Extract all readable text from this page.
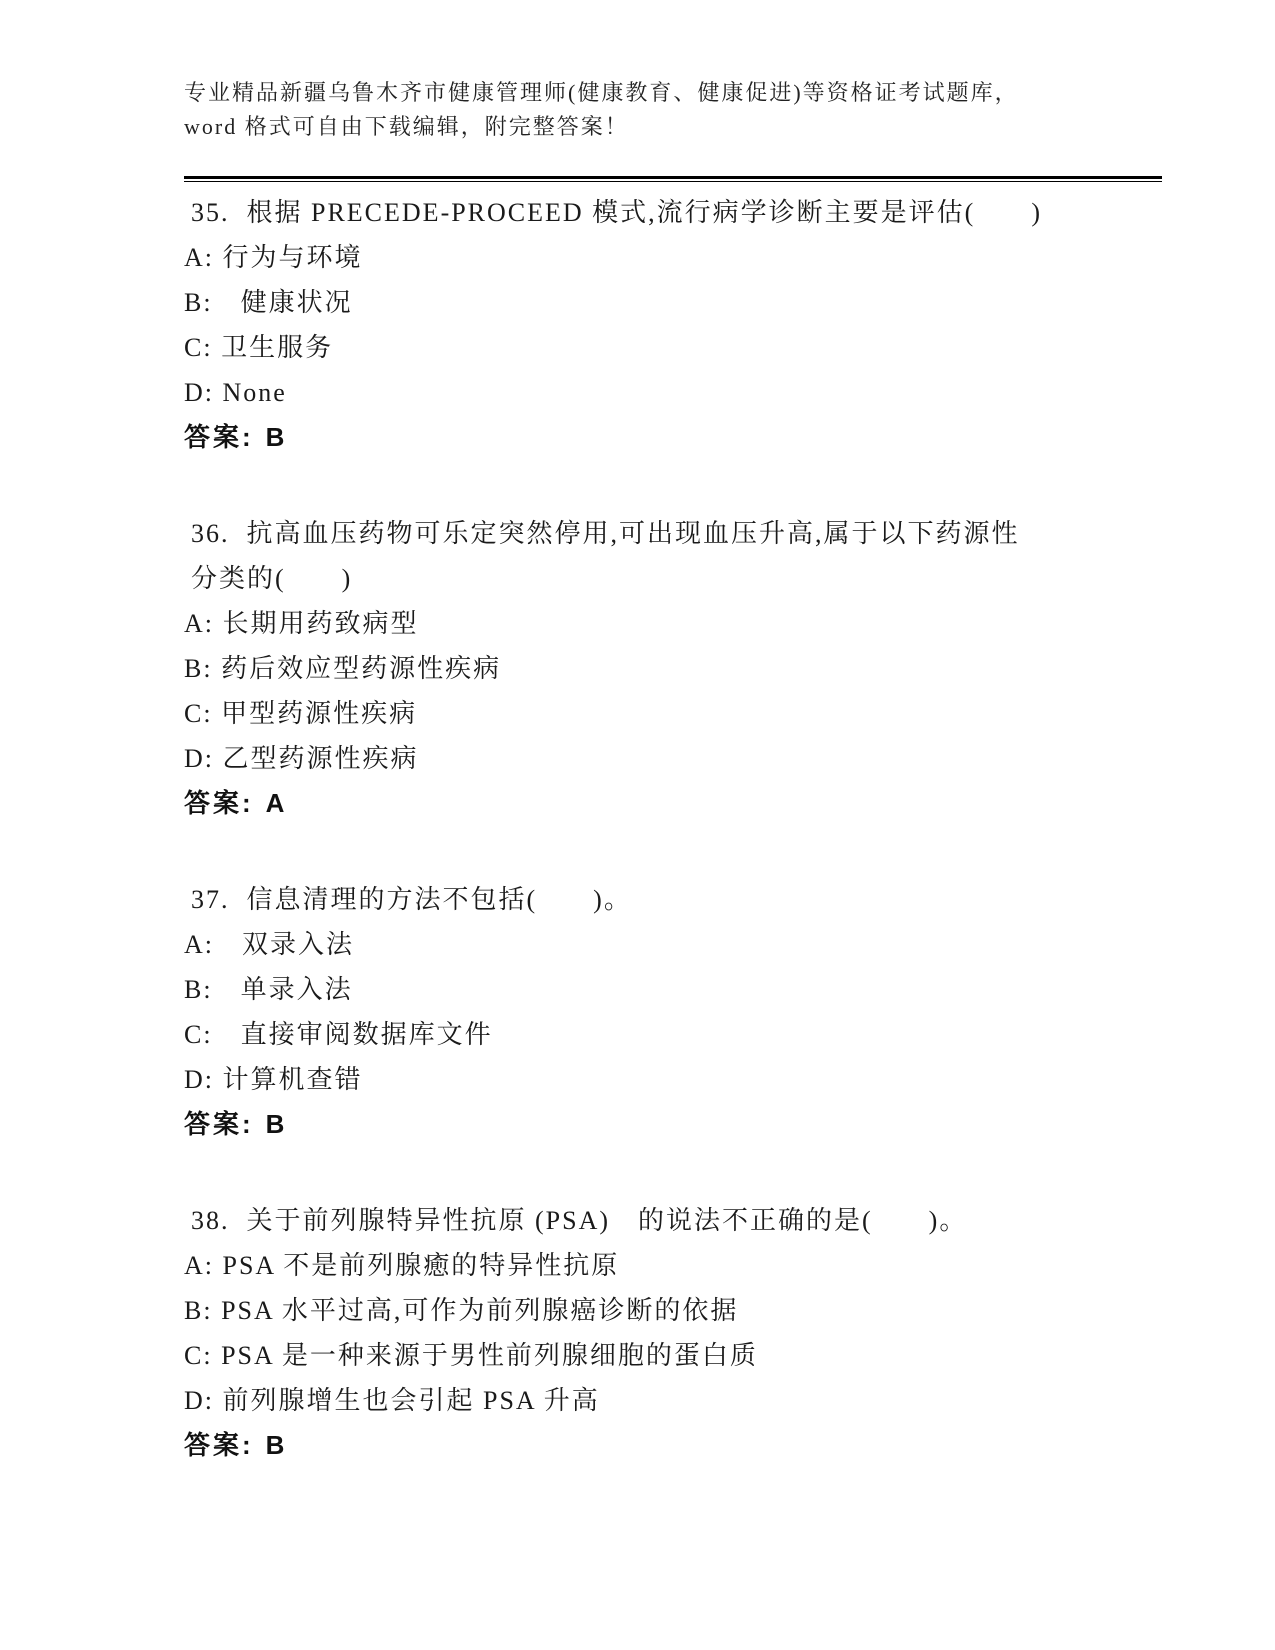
专业精品新疆乌鲁木齐市健康管理师(健康教育、健康促进)等资格证考试题库，
word 格式可自由下载编辑，附完整答案！
35.  根据 PRECEDE-PROCEED 模式,流行病学诊断主要是评估(　　)
A: 行为与环境
B:　健康状况
C: 卫生服务
D: None
答案: B
36.  抗高血压药物可乐定突然停用,可出现血压升高,属于以下药源性
分类的(　　)
A: 长期用药致病型
B: 药后效应型药源性疾病
C: 甲型药源性疾病
D: 乙型药源性疾病
答案: A
37.  信息清理的方法不包括(　　)。
A:　双录入法
B:　单录入法
C:　直接审阅数据库文件
D: 计算机查错
答案: B
38.  关于前列腺特异性抗原 (PSA)　的说法不正确的是(　　)。
A: PSA 不是前列腺癒的特异性抗原
B: PSA 水平过高,可作为前列腺癌诊断的依据
C: PSA 是一种来源于男性前列腺细胞的蛋白质
D: 前列腺增生也会引起 PSA 升高
答案: B
